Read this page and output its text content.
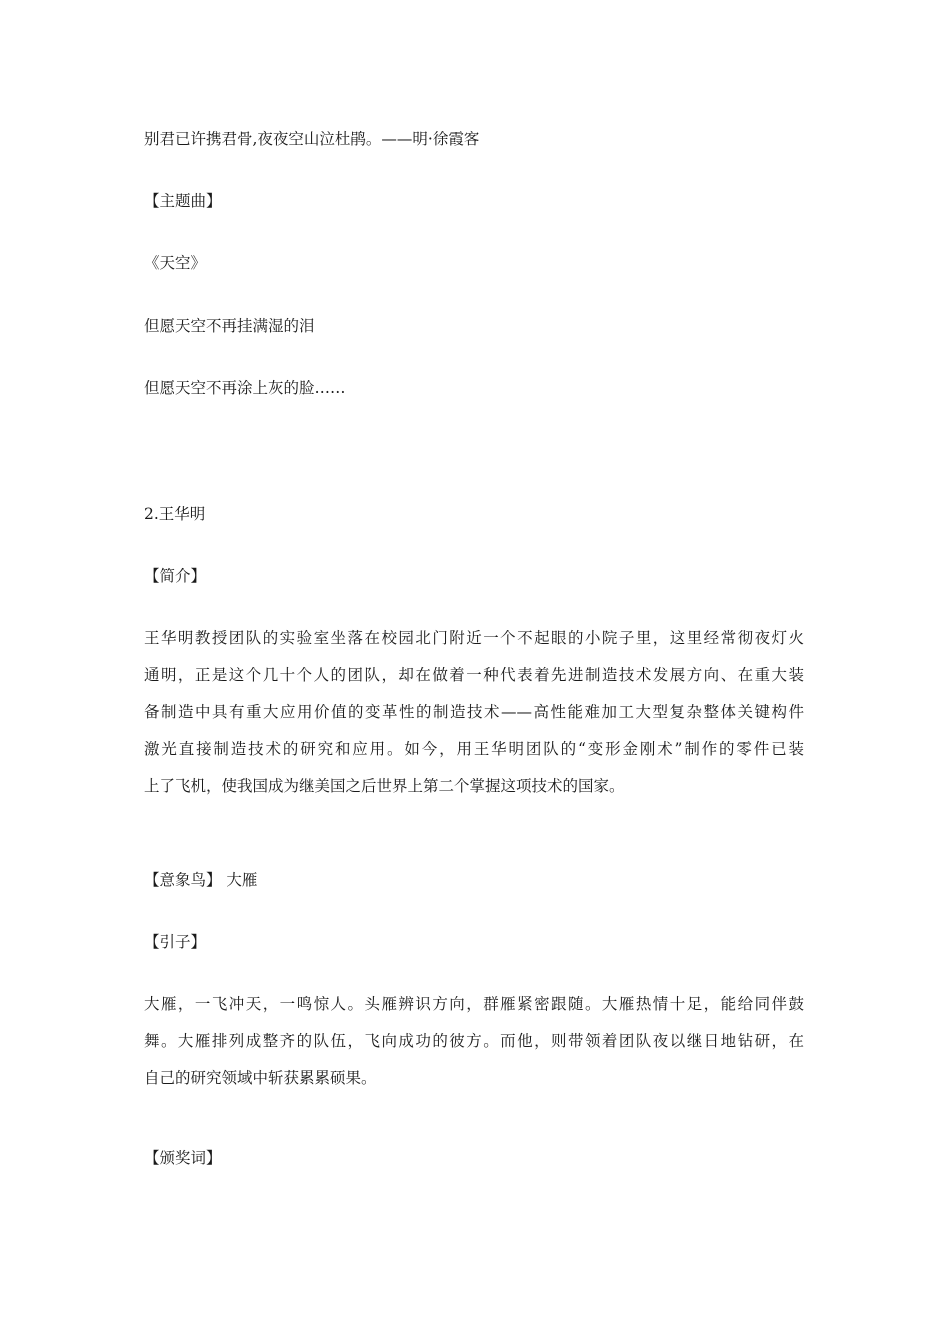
别君已许携君骨,夜夜空山泣杜鹃。——明·徐霞客
【主题曲】
《天空》
但愿天空不再挂满湿的泪
但愿天空不再涂上灰的脸……
2.王华明
【简介】
王华明教授团队的实验室坐落在校园北门附近一个不起眼的小院子里，这里经常彻夜灯火
通明，正是这个几十个人的团队，却在做着一种代表着先进制造技术发展方向、在重大装
备制造中具有重大应用价值的变革性的制造技术——高性能难加工大型复杂整体关键构件
激光直接制造技术的研究和应用。如今，用王华明团队的“变形金刚术”制作的零件已装
上了飞机，使我国成为继美国之后世界上第二个掌握这项技术的国家。
【意象鸟】 大雁
【引子】
大雁，一飞冲天，一鸣惊人。头雁辨识方向，群雁紧密跟随。大雁热情十足，能给同伴鼓
舞。大雁排列成整齐的队伍，飞向成功的彼方。而他，则带领着团队夜以继日地钻研，在
自己的研究领域中斩获累累硕果。
【颁奖词】
